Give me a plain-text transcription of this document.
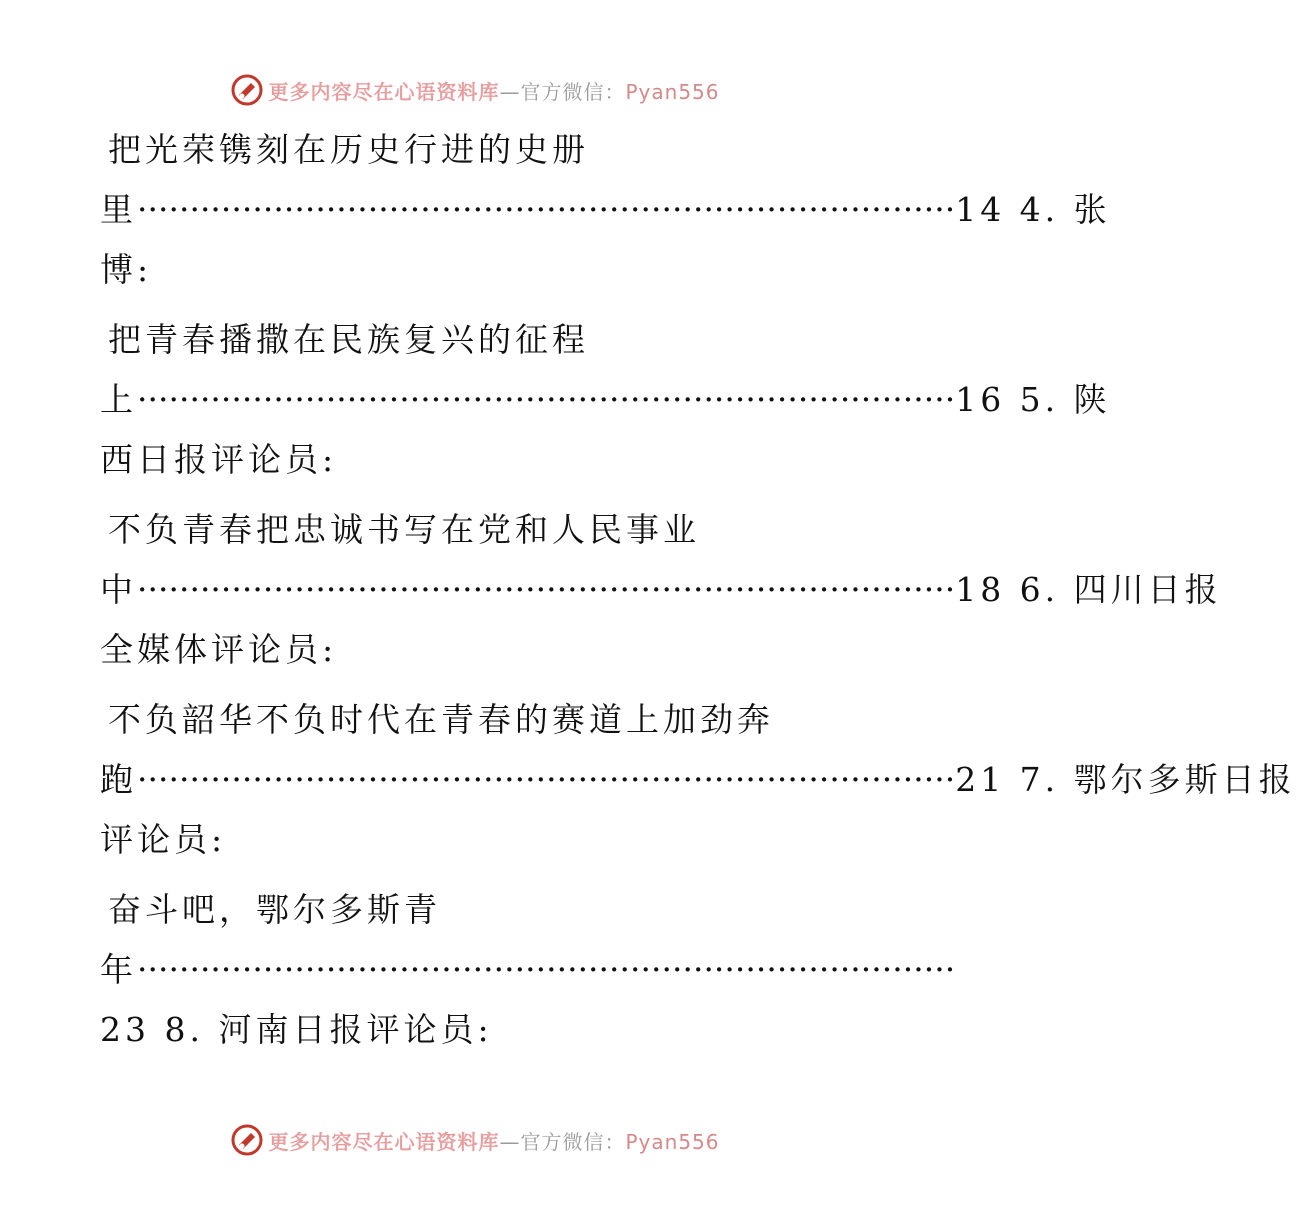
更多内容尽在心语资料库—官方微信：Pyan556
把光荣镌刻在历史行进的史册
里 ·············································································· 14 4. 张
博:
把青春播撒在民族复兴的征程
上 ·············································································· 16 5. 陕
西日报评论员:
不负青春把忠诚书写在党和人民事业
中 ·············································································· 18 6. 四川日报
全媒体评论员:
不负韶华不负时代在青春的赛道上加劲奔
跑 ·············································································· 21 7. 鄂尔多斯日报
评论员:
奋斗吧，鄂尔多斯青
年 ··············································································
23 8. 河南日报评论员:
更多内容尽在心语资料库—官方微信：Pyan556
